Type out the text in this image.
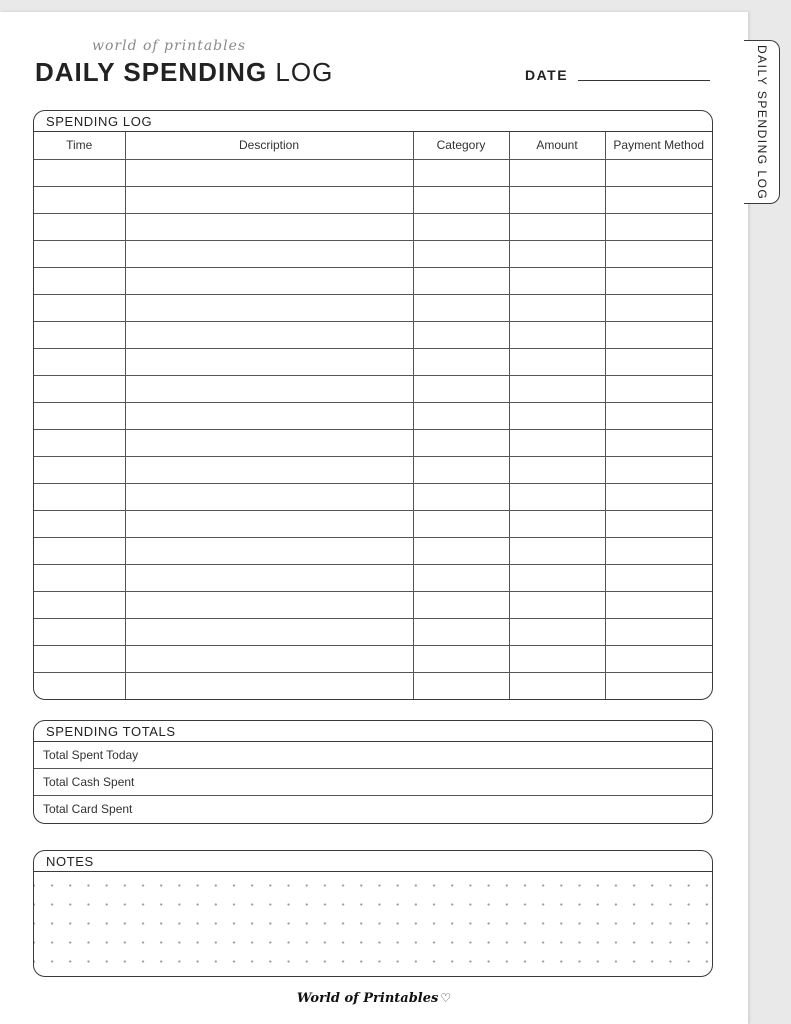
DAILY SPENDING LOG
world of printables
DAILY SPENDING LOG	DATE
SPENDING LOG
Time	Description	Category	Amount	Payment Method

SPENDING TOTALS
Total Spent Today
Total Cash Spent
Total Card Spent
NOTES
World of Printables ♡
